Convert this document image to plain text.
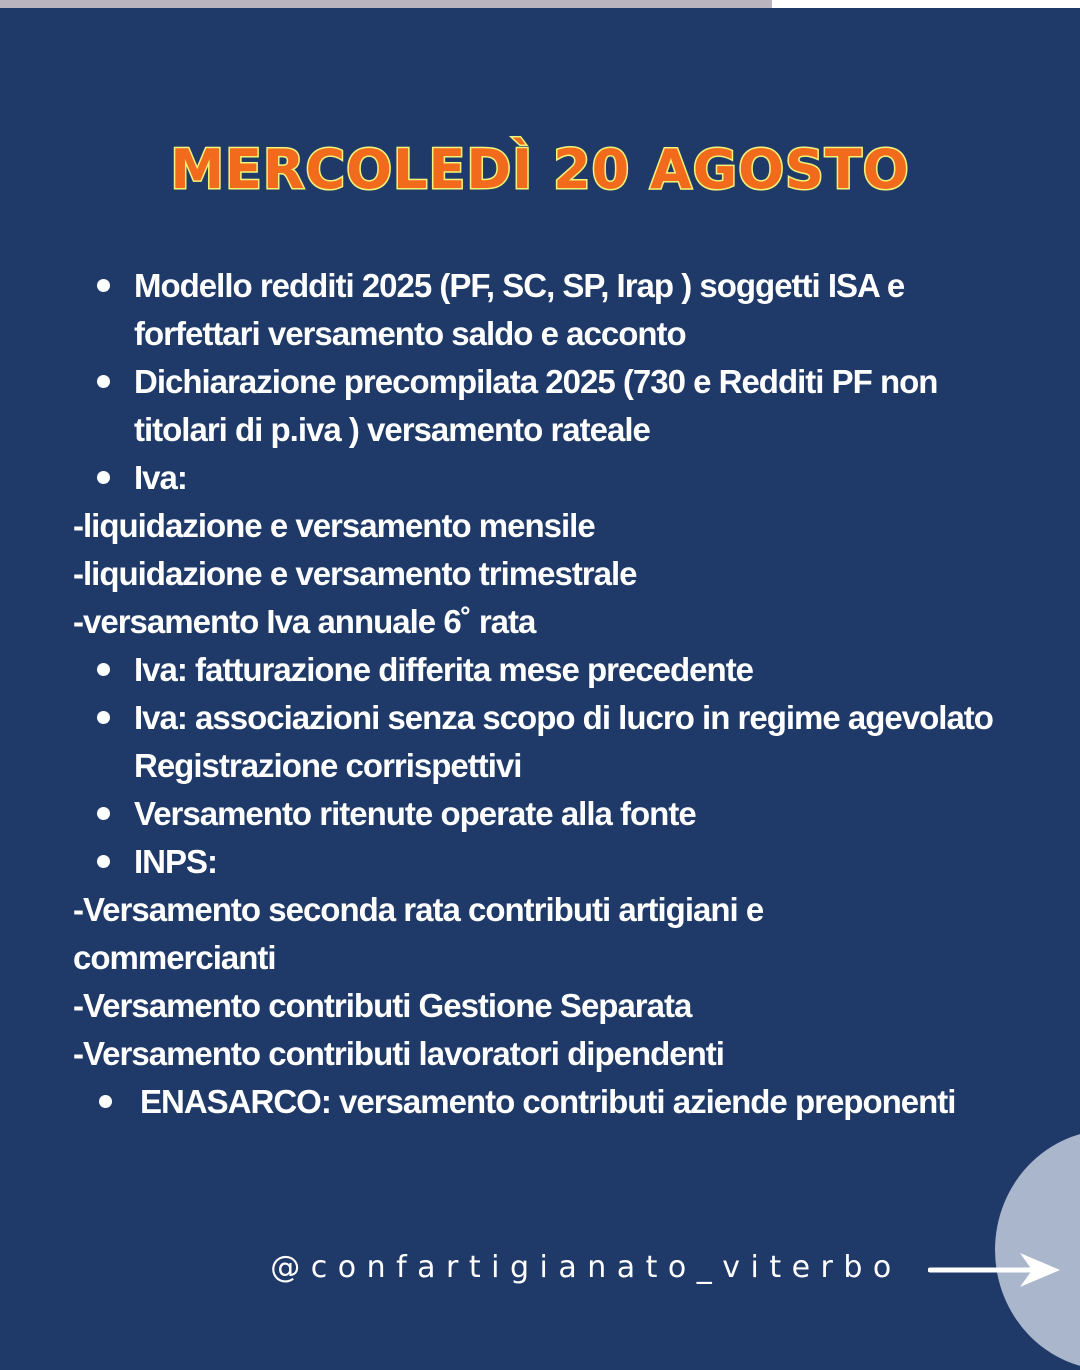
MERCOLEDÌ 20 AGOSTO
Modello redditi 2025 (PF, SC, SP, Irap ) soggetti ISA e
forfettari versamento saldo e acconto
Dichiarazione precompilata 2025 (730 e Redditi PF non
titolari di p.iva ) versamento rateale
Iva:
-liquidazione e versamento mensile
-liquidazione e versamento trimestrale
-versamento Iva annuale 6˚ rata
Iva: fatturazione differita mese precedente
Iva: associazioni senza scopo di lucro in regime agevolato
Registrazione corrispettivi
Versamento ritenute operate alla fonte
INPS:
-Versamento seconda rata contributi artigiani e
commercianti
-Versamento contributi Gestione Separata
-Versamento contributi lavoratori dipendenti
ENASARCO: versamento contributi aziende preponenti
@confartigianato_viterbo
